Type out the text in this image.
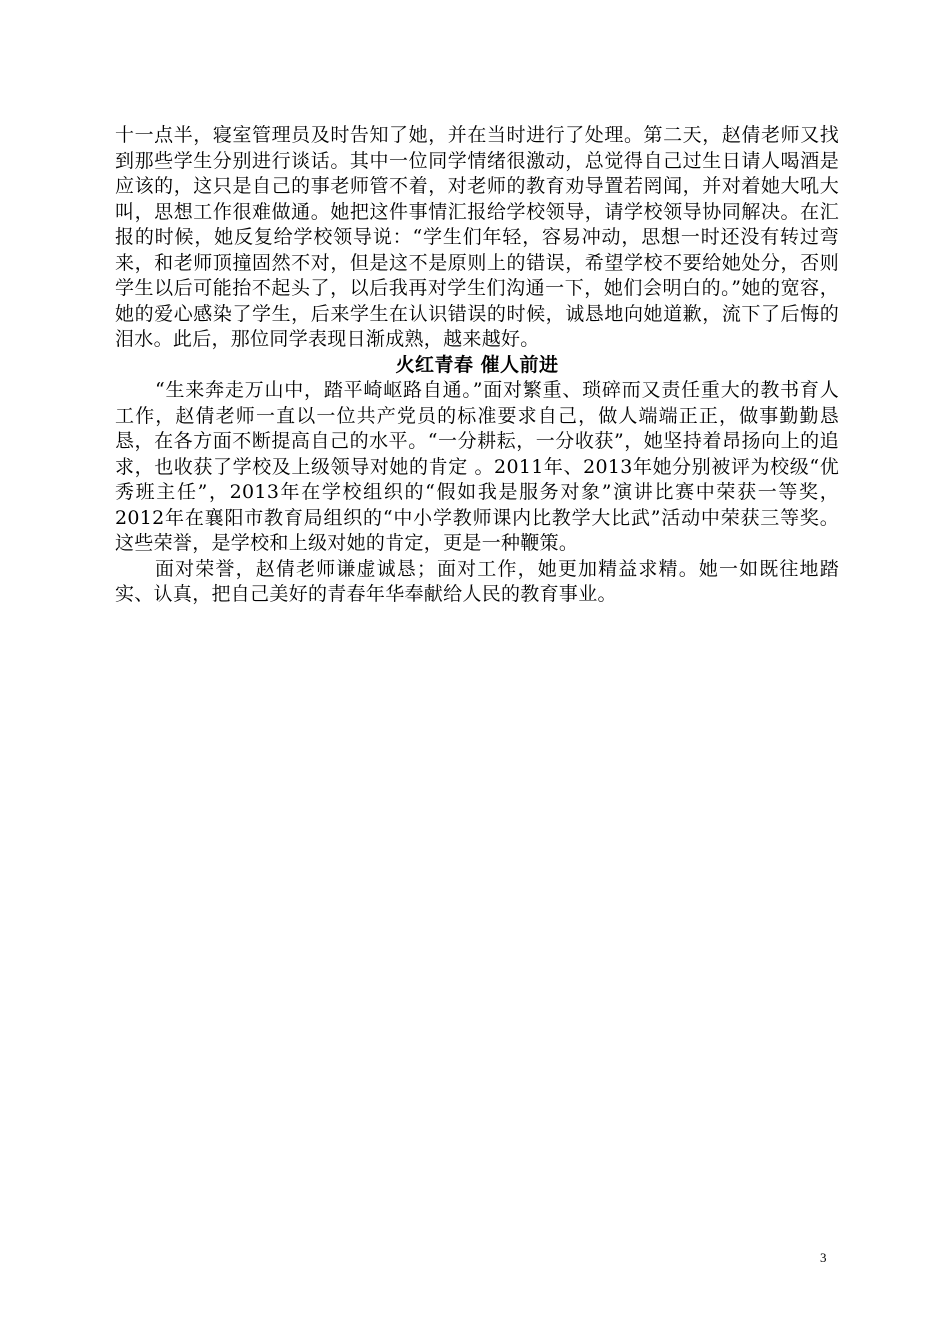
十一点半，寝室管理员及时告知了她，并在当时进行了处理。第二天，赵倩老师又找到那些学生分别进行谈话。其中一位同学情绪很激动，总觉得自己过生日请人喝酒是应该的，这只是自己的事老师管不着，对老师的教育劝导置若罔闻，并对着她大吼大叫，思想工作很难做通。她把这件事情汇报给学校领导，请学校领导协同解决。在汇报的时候，她反复给学校领导说：“学生们年轻，容易冲动，思想一时还没有转过弯来，和老师顶撞固然不对，但是这不是原则上的错误，希望学校不要给她处分，否则学生以后可能抬不起头了，以后我再对学生们沟通一下，她们会明白的。”她的宽容，她的爱心感染了学生，后来学生在认识错误的时候，诚恳地向她道歉，流下了后悔的泪水。此后，那位同学表现日渐成熟，越来越好。

火红青春 催人前进

“生来奔走万山中，踏平崎岖路自通。”面对繁重、琐碎而又责任重大的教书育人工作，赵倩老师一直以一位共产党员的标准要求自己，做人端端正正，做事勤勤恳恳，在各方面不断提高自己的水平。“一分耕耘，一分收获”，她坚持着昂扬向上的追求，也收获了学校及上级领导对她的肯定 。2011年、2013年她分别被评为校级“优秀班主任”，2013年在学校组织的“假如我是服务对象”演讲比赛中荣获一等奖，2012年在襄阳市教育局组织的“中小学教师课内比教学大比武”活动中荣获三等奖。这些荣誉，是学校和上级对她的肯定，更是一种鞭策。

面对荣誉，赵倩老师谦虚诚恳；面对工作，她更加精益求精。她一如既往地踏实、认真，把自己美好的青春年华奉献给人民的教育事业。

3
